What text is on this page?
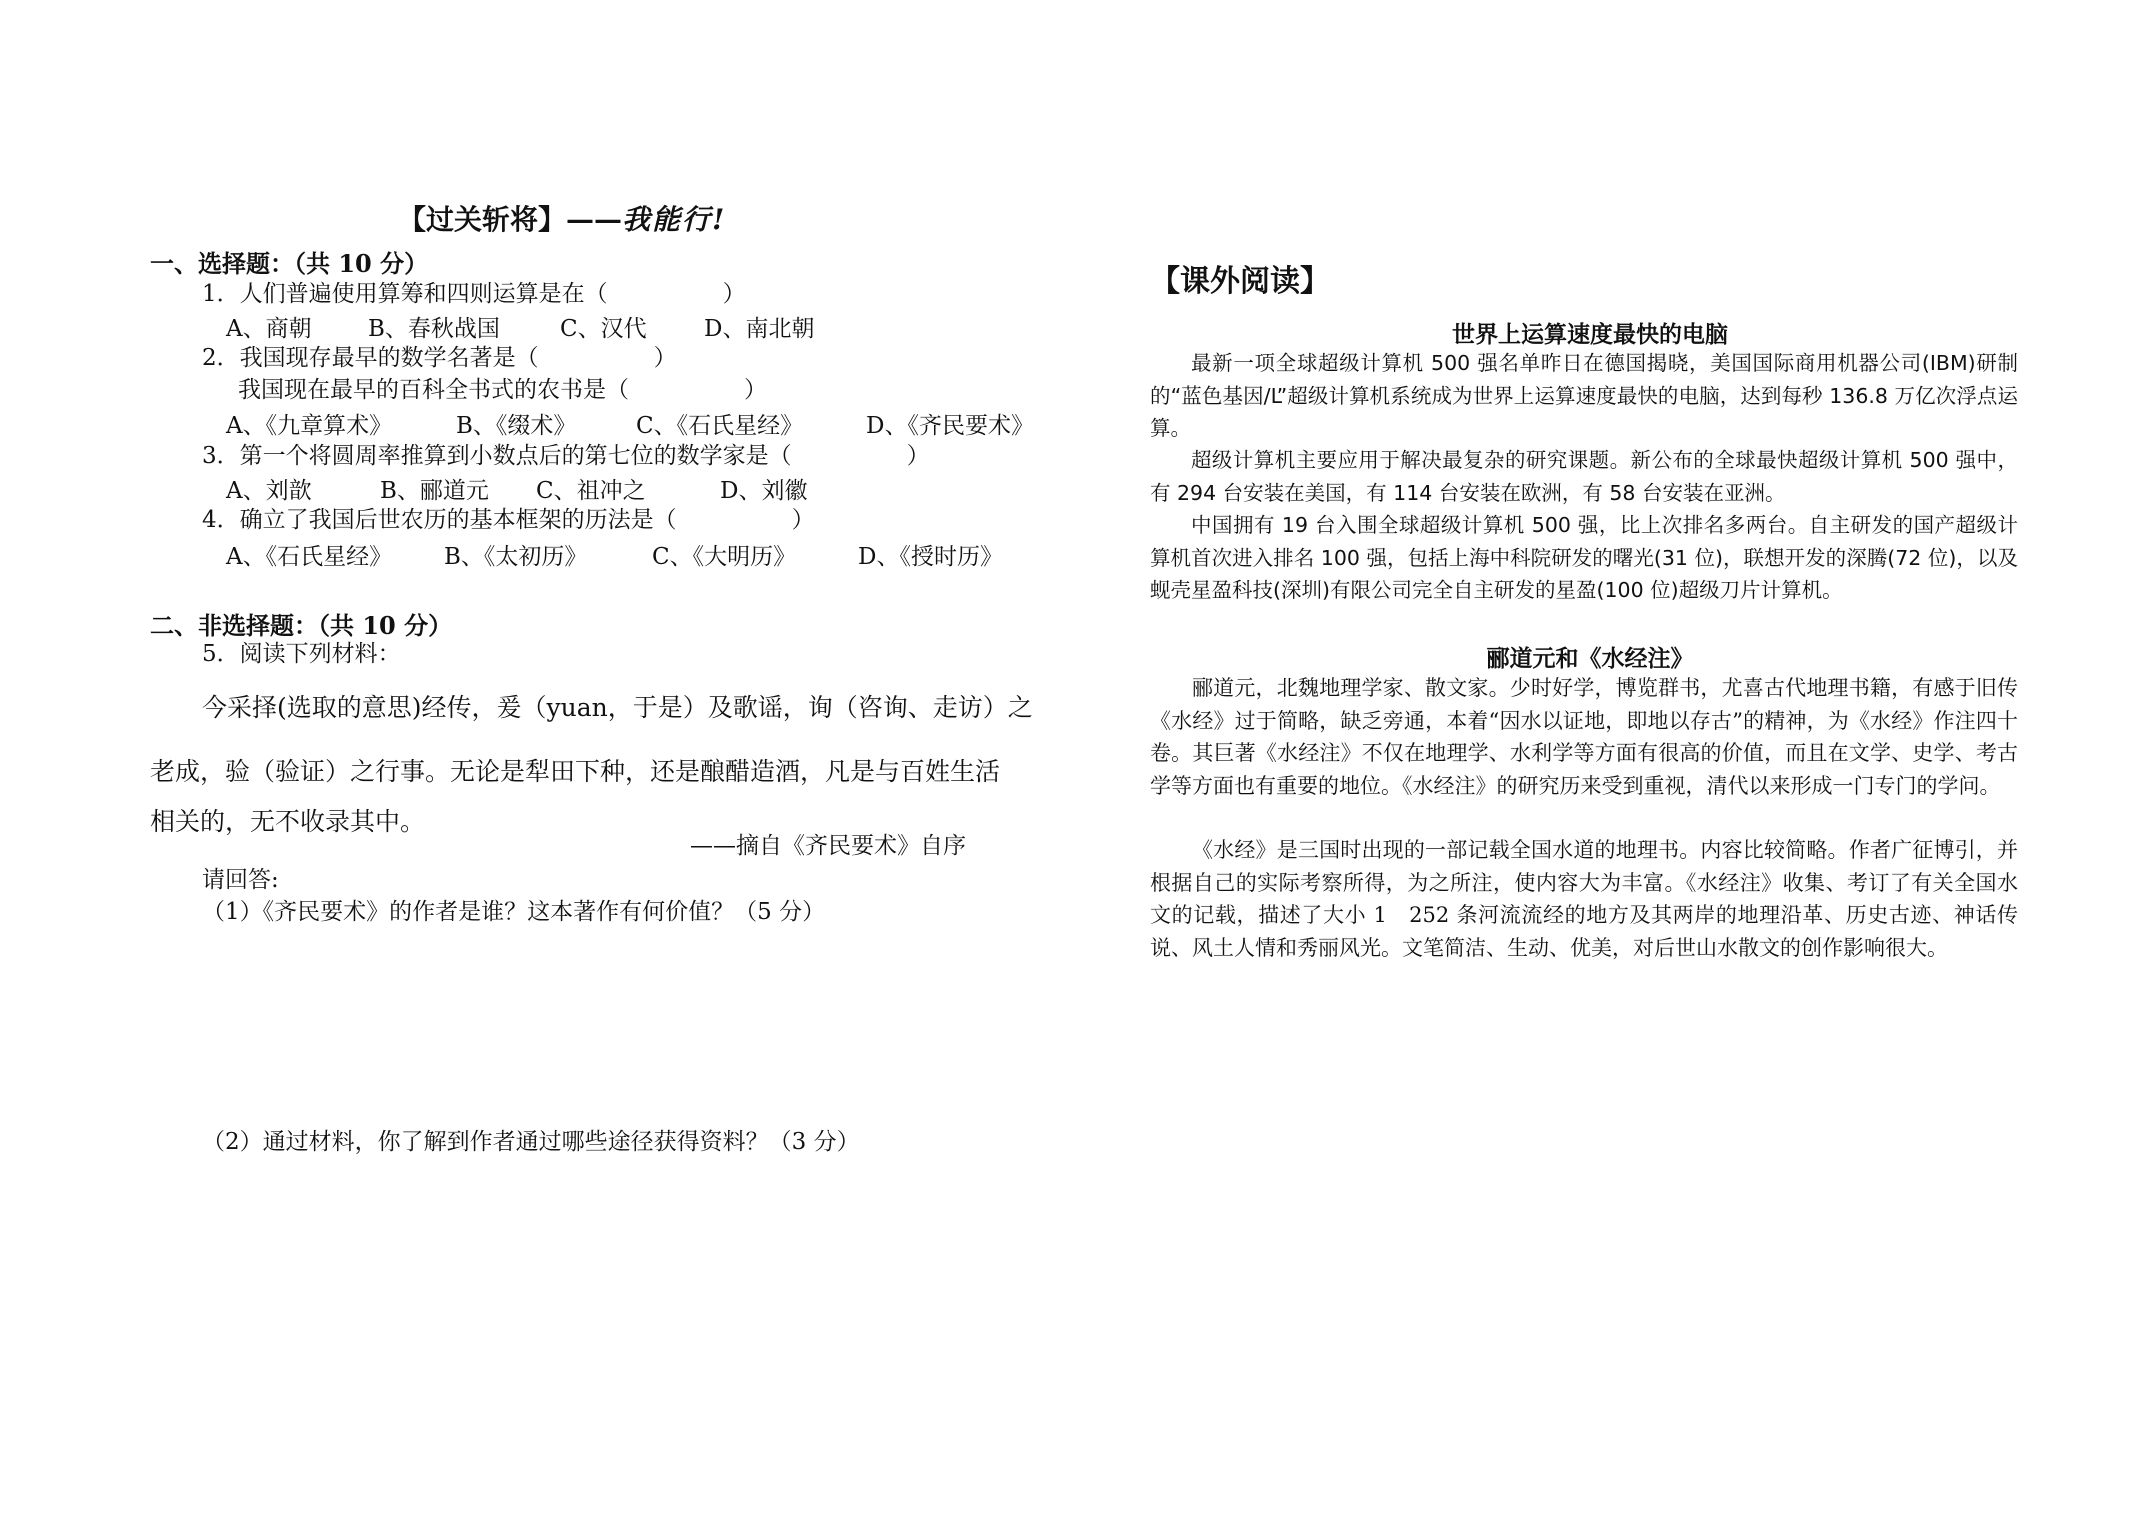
【过关斩将】——我能行!
一、选择题：（共 10 分）
1．人们普遍使用算筹和四则运算是在（　　　　　）
A、商朝 B、春秋战国	C、汉代 D、南北朝
2．我国现存最早的数学名著是（　　　　　）
我国现在最早的百科全书式的农书是（　　　　　）
A、《九章算术》	B、《缀术》	C、《石氏星经》	D、《齐民要术》
3．第一个将圆周率推算到小数点后的第七位的数学家是（　　　　　）
A、刘歆	B、郦道元 C、祖冲之	D、刘徽
4．确立了我国后世农历的基本框架的历法是（　　　　　）
A、《石氏星经》 B、《太初历》	C、《大明历》	D、《授时历》
二、非选择题：（共 10 分）
5．阅读下列材料：
今采择(选取的意思)经传，爰（yuan，于是）及歌谣，询（咨询、走访）之
老成，验（验证）之行事。无论是犁田下种，还是酿醋造酒，凡是与百姓生活
相关的，无不收录其中。
——摘自《齐民要术》自序
请回答:
（1）《齐民要术》的作者是谁？这本著作有何价值？（5 分）
（2）通过材料，你了解到作者通过哪些途径获得资料？（3 分）
【课外阅读】
世界上运算速度最快的电脑
最新一项全球超级计算机 500 强名单昨日在德国揭晓，美国国际商用机器公司(IBM)研制的“蓝色基因/L”超级计算机系统成为世界上运算速度最快的电脑，达到每秒 136.8 万亿次浮点运算。
超级计算机主要应用于解决最复杂的研究课题。新公布的全球最快超级计算机 500 强中，有 294 台安装在美国，有 114 台安装在欧洲，有 58 台安装在亚洲。
中国拥有 19 台入围全球超级计算机 500 强，比上次排名多两台。自主研发的国产超级计算机首次进入排名 100 强，包括上海中科院研发的曙光(31 位)，联想开发的深腾(72 位)，以及蚬壳星盈科技(深圳)有限公司完全自主研发的星盈(100 位)超级刀片计算机。
郦道元和《水经注》
郦道元，北魏地理学家、散文家。少时好学，博览群书，尤喜古代地理书籍，有感于旧传《水经》过于简略，缺乏旁通，本着“因水以证地，即地以存古”的精神，为《水经》作注四十卷。其巨著《水经注》不仅在地理学、水利学等方面有很高的价值，而且在文学、史学、考古学等方面也有重要的地位。《水经注》的研究历来受到重视，清代以来形成一门专门的学问。
《水经》是三国时出现的一部记载全国水道的地理书。内容比较简略。作者广征博引，并根据自己的实际考察所得，为之所注，使内容大为丰富。《水经注》收集、考订了有关全国水文的记载，描述了大小 1　252 条河流流经的地方及其两岸的地理沿革、历史古迹、神话传说、风土人情和秀丽风光。文笔简洁、生动、优美，对后世山水散文的创作影响很大。
